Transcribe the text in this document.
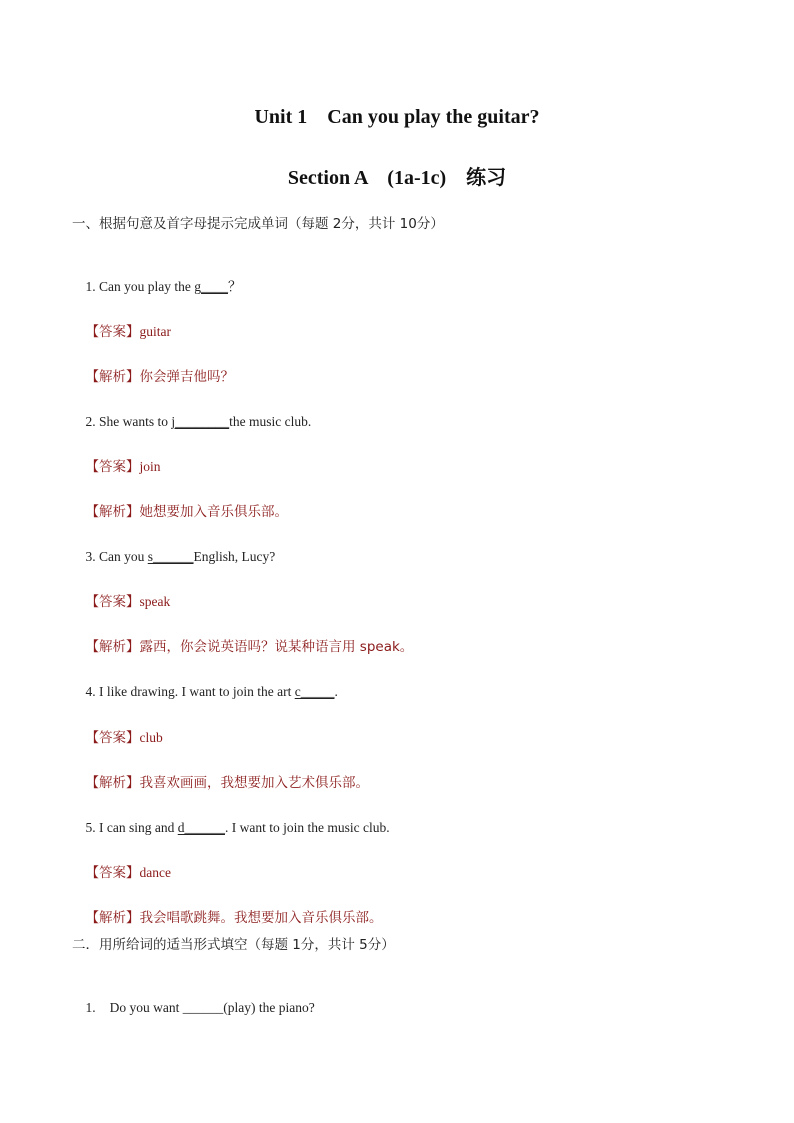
Unit 1    Can you play the guitar?
Section A    (1a-1c)    练习
一、根据句意及首字母提示完成单词（每题 2分，共计 10分）

1. Can you play the g____？

【答案】guitar

【解析】你会弹吉他吗？

2. She wants to j________the music club.

【答案】join

【解析】她想要加入音乐俱乐部。

3. Can you s______English, Lucy?

【答案】speak

【解析】露西，你会说英语吗？说某种语言用 speak。

4. I like drawing. I want to join the art c_____.

【答案】club

【解析】我喜欢画画，我想要加入艺术俱乐部。

5. I can sing and d______. I want to join the music club.

【答案】dance

【解析】我会唱歌跳舞。我想要加入音乐俱乐部。

二．用所给词的适当形式填空（每题 1分，共计 5分）

1. Do you want ______(play) the piano?
